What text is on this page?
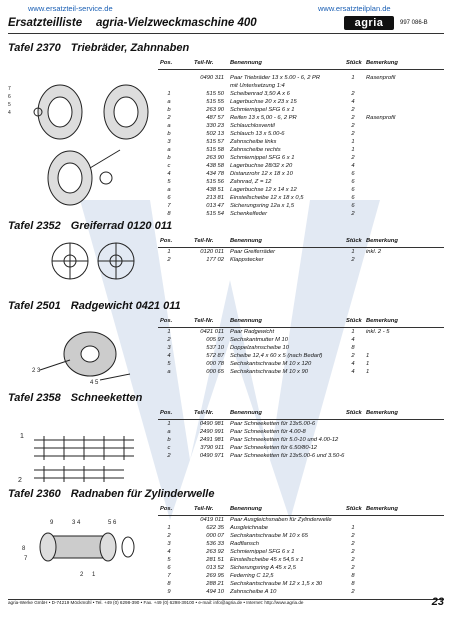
www.ersatzteil-service.de	www.ersatzteilplan.de
Ersatzteilliste agria-Vielzweckmaschine 400	agria	997 086-B
Tafel 2370 Triebräder, Zahnnaben
Pos.	Teil-Nr.	Benennung	Stück Bemerkung
0490 311 Paar Triebräder 13 x 5.00 - 6, 2 PR	1	Rasenprofil
mit Unterlsetzung 1:4
1	515 50 Scheibenrad 3,50 A x 6	2
a	515 55 Lagerbuchse 20 x 23 x 15	4
b	263 90 Schmiernippel SFG 6 x 1	2
2	487 57 Reifen 13 x 5,00 - 6, 2 PR	2	Rasenprofil
a	330 23 Schlauchlosventil	2
b	502 13 Schlauch 13 x 5.00-6	2
3	515 57 Zahnscheibe links	1
a	515 58 Zahnscheibe rechts	1
b	263 90 Schmiernippel SFG 6 x 1	2
c	438 58 Lagerbuchse 28/32 x 20	4
4	434 78 Distanzrohr 12 x 18 x 10	6
5	515 56 Zahnrad, Z = 12	6
a	438 51 Lagerbuchse 12 x 14 x 12	6
6	213 81 Einstellscheibe 12 x 18 x 0,5	6
7	013 47 Sicherungsring 12a x 1,5	6
8	515 54 Schenkelfeder	2
Tafel 2352 Greiferrad 0120 011
Pos.	Teil-Nr.	Benennung	Stück Bemerkung
1	0120 011 Paar Greiferräder	1	inkl. 2
2	177 02 Klappstecker	2
Tafel 2501 Radgewicht 0421 011
Pos.	Teil-Nr.	Benennung	Stück Bemerkung
1	0421 011 Paar Radgewicht	1	inkl. 2 - 5
2	005 97 Sechskantmutter M 10	4
3	537 10 Doppelzahnscheibe 10	8
4	572 87 Scheibe 12,4 x 60 x 5 (nach Bedarf)	2	1
5	000 78 Sechskantschraube M 10 x 120	4	1
a	000 65 Sechskantschraube M 10 x 90	4	1
Tafel 2358 Schneeketten
Pos.	Teil-Nr.	Benennung	Stück Bemerkung
1	0490 981 Paar Schneeketten für 13x5.00-6
a	2490 991 Paar Schneeketten für 4.00-8
b	2491 981 Paar Schneeketten für 5.0-10 und 4.00-12
c	3790 911 Paar Schneeketten für 6.50/80-12
2	0490 971 Paar Schneeketten für 13x5.00-6 und 3.50-6
Tafel 2360 Radnaben für Zylinderwelle
Pos.	Teil-Nr.	Benennung	Stück Bemerkung
0419 011 Paar Ausgleichsnaben für Zylinderwelle
1	622 35 Ausgleichnabe	1
2	000 07 Sechskantschraube M 10 x 65	2
3	536 33 Radflansch	2
4	263 92 Schmiernippel SFG 6 x 1	2
5	281 51 Einstellscheibe 45 x 54,5 x 1	2
6	013 52 Sicherungsring A 45 x 2,5	2
7	269 95 Federring C 12,5	8
8	288 21 Sechskantschraube M 12 x 1,5 x 30	8
9	494 10 Zahnscheibe A 10	2
7
6
5
4
2 3
4 5
1
2
9	3 4	5 6
8
7
2 1
agria-Werke GmbH • D-74219 Möckmühl • Tel. +49 (0) 6298-390 • Fax. +49 (0) 6298-39100 • e-mail: info@agria.de • Internet: http://www.agria.de	23
